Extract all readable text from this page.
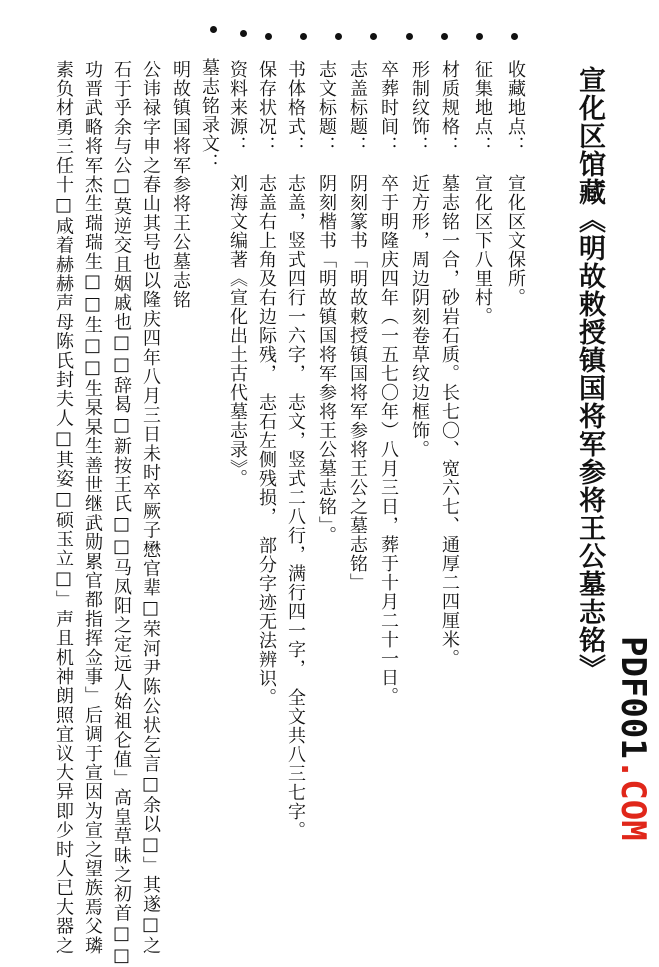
宣化区馆藏《明故敕授镇国将军参将王公墓志铭》
PDF001.COM
收藏地点：　宣化区文保所。
征集地点：　宣化区下八里村。
材质规格：　墓志铭一合，砂岩石质。长七〇、宽六七、通厚二四厘米。
形制纹饰：　近方形，周边阴刻卷草纹边框饰。
卒葬时间：　卒于明隆庆四年（一五七〇年）八月三日，葬于十月二十一日。
志盖标题：　阴刻篆书「明故敕授镇国将军参将王公之墓志铭」
志文标题：　阴刻楷书「明故镇国将军参将王公墓志铭」。
书体格式：　志盖，竖式四行一六字，　志文，竖式二八行，满行四一字，　全文共八三七字。
保存状况：　志盖右上角及右边际残，　志石左侧残损，　部分字迹无法辨识。
资料来源：　刘海文编著《宣化出土古代墓志录》。
墓志铭录文：
明故镇国将军参将王公墓志铭
公讳禄字申之春山其号也以隆庆四年八月三日未时卒厥子懋官辈□荣河尹陈公状乞言□余以□」其遂□之
石于乎余与公□莫逆交且姻戚也□□辞曷□新按王氏□□马凤阳之定远人始祖仑值」高皇草昧之初首□□
功晋武略将军杰生瑞瑞生□□生□□生杲杲生善世继武勋累官都指挥佥事」后调于宣因为宣之望族焉父璘
素负材勇三任十□咸着赫赫声母陈氏封夫人□其姿□硕玉立□」声且机神朗照宜议大异即少时人已大器之
